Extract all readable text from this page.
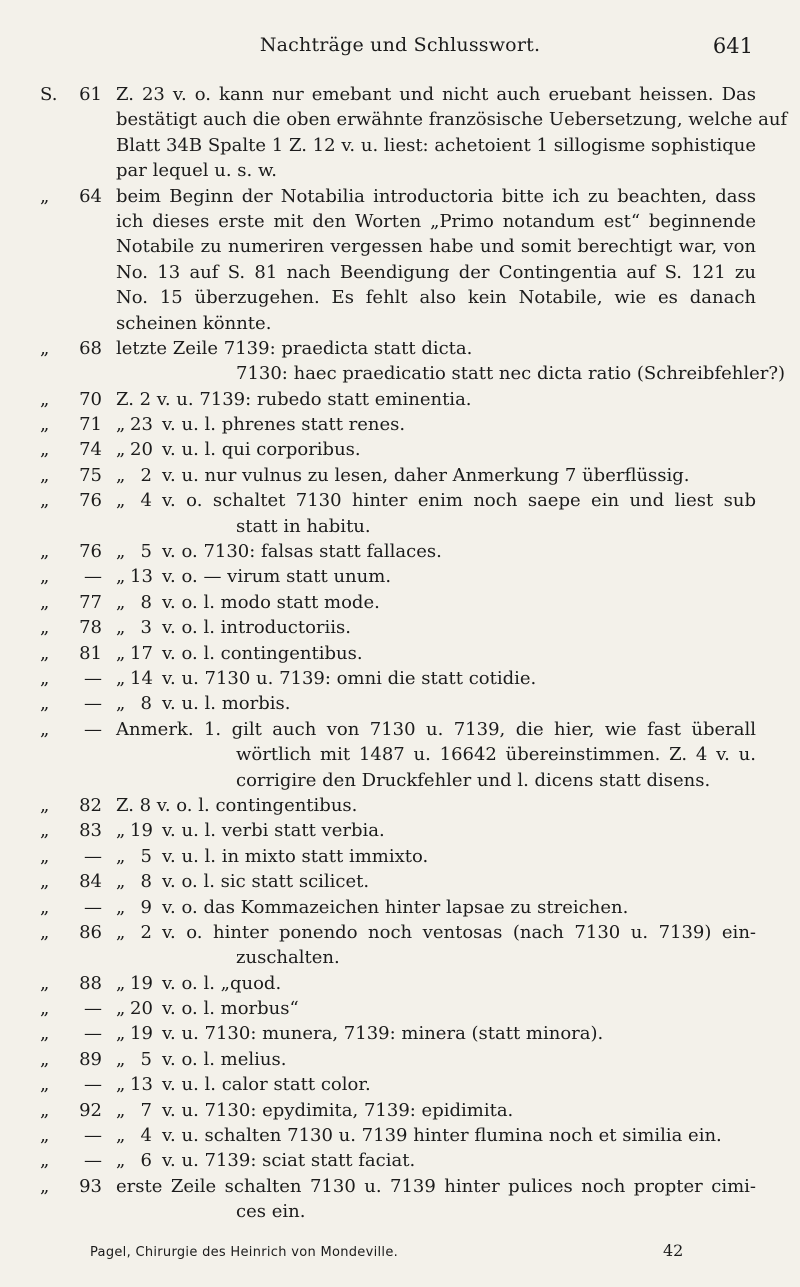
Nachträge und Schlusswort.	641
S.	61 Z. 23 v. o. kann nur emebant und nicht auch eruebant heissen. Das
bestätigt auch die oben erwähnte französische Uebersetzung, welche auf
Blatt 34B Spalte 1 Z. 12 v. u. liest: achetoient 1 sillogisme sophistique
par lequel u. s. w.
„	64 beim Beginn der Notabilia introductoria bitte ich zu beachten, dass
ich dieses erste mit den Worten „Primo notandum est“ beginnende
Notabile zu numeriren vergessen habe und somit berechtigt war, von
No. 13 auf S. 81 nach Beendigung der Contingentia auf S. 121 zu
No. 15 überzugehen. Es fehlt also kein Notabile, wie es danach
scheinen könnte.
„	68 letzte Zeile 7139: praedicta statt dicta.
7130: haec praedicatio statt nec dicta ratio (Schreibfehler?)
„	70 Z. 2 v. u. 7139: rubedo statt eminentia.
„	71 „ 23 v. u. l. phrenes statt renes.
„	74 „ 20 v. u. l. qui corporibus.
„	75 „ 2 v. u. nur vulnus zu lesen, daher Anmerkung 7 überflüssig.
„	76 „ 4 v. o. schaltet 7130 hinter enim noch saepe ein und liest sub
statt in habitu.
„	76 „ 5 v. o. 7130: falsas statt fallaces.
„	— „ 13 v. o. — virum statt unum.
„	77 „ 8 v. o. l. modo statt mode.
„	78 „ 3 v. o. l. introductoriis.
„	81 „ 17 v. o. l. contingentibus.
„	— „ 14 v. u. 7130 u. 7139: omni die statt cotidie.
„	— „ 8 v. u. l. morbis.
„	— Anmerk. 1. gilt auch von 7130 u. 7139, die hier, wie fast überall
wörtlich mit 1487 u. 16642 übereinstimmen. Z. 4 v. u.
corrigire den Druckfehler und l. dicens statt disens.
„	82 Z. 8 v. o. l. contingentibus.
„	83 „ 19 v. u. l. verbi statt verbia.
„	— „ 5 v. u. l. in mixto statt immixto.
„	84 „ 8 v. o. l. sic statt scilicet.
„	— „ 9 v. o. das Kommazeichen hinter lapsae zu streichen.
„	86 „ 2 v. o. hinter ponendo noch ventosas (nach 7130 u. 7139) ein-
zuschalten.
„	88 „ 19 v. o. l. „quod.
„	— „ 20 v. o. l. morbus“
„	— „ 19 v. u. 7130: munera, 7139: minera (statt minora).
„	89 „ 5 v. o. l. melius.
„	— „ 13 v. u. l. calor statt color.
„	92 „ 7 v. u. 7130: epydimita, 7139: epidimita.
„	— „ 4 v. u. schalten 7130 u. 7139 hinter flumina noch et similia ein.
„	— „ 6 v. u. 7139: sciat statt faciat.
„	93 erste Zeile schalten 7130 u. 7139 hinter pulices noch propter cimi-
ces ein.
Pagel, Chirurgie des Heinrich von Mondeville.	42
